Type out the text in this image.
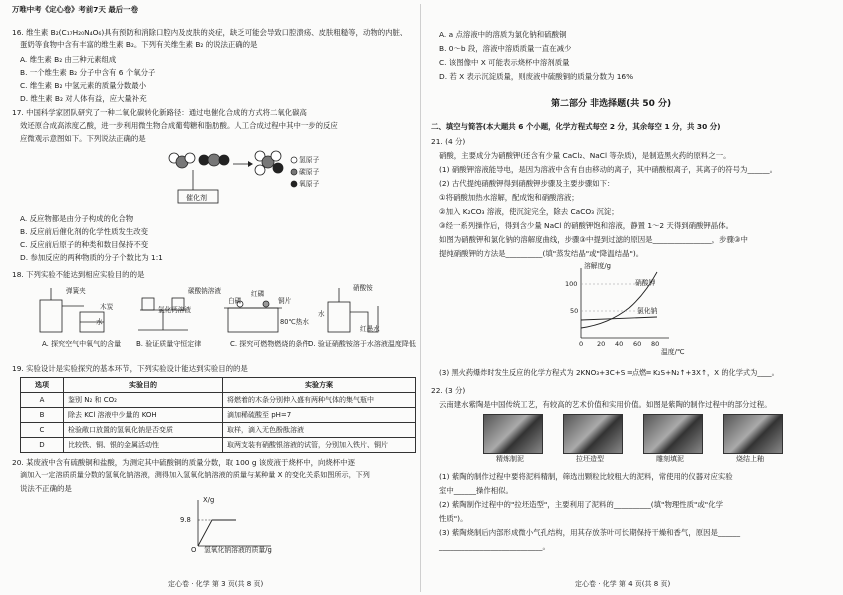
万唯中考《定心卷》考前7天 最后一卷
16. 维生素 B₂(C₁₇H₂₀N₄O₆)具有预防和消除口腔内及皮肤的炎症，缺乏可能会导致口腔溃疡、皮肤粗糙等，动物的内脏、
蛋奶等食物中含有丰富的维生素 B₂。下列有关维生素 B₂ 的说法正确的是
A. 维生素 B₂ 由三种元素组成
B. 一个维生素 B₂ 分子中含有 6 个氧分子
C. 维生素 B₂ 中氢元素的质量分数最小
D. 维生素 B₂ 对人体有益，应大量补充
17. 中国科学家团队研究了一种二氧化碳转化新路径：通过电催化合成的方式将二氧化碳高
效还原合成高浓度乙酸，进一步利用微生物合成葡萄糖和脂肪酸。人工合成过程中其中一步的反应
应微观示意图如下。下列说法正确的是
催化剂
氢原子
碳原子
氧原子
A. 反应物都是由分子构成的化合物
B. 反应前后催化剂的化学性质发生改变
C. 反应前后原子的种类和数目保持不变
D. 参加反应的两种物质的分子个数比为 1:1
18. 下列实验不能达到相应实验目的的是
弹簧夹
木炭
水
碳酸钠溶液
氯化钙溶液
白磷
红磷
铜片
80℃热水
硝酸铵
水
红墨水
A. 探究空气中氧气的含量 B. 验证质量守恒定律	C. 探究可燃物燃烧的条件
D. 验证硝酸铵溶于水溶液温度降低
19. 实验设计是实验探究的基本环节，下列实验设计能达到实验目的的是
选项	实验目的	实验方案
A	鉴别 N₂ 和 CO₂	将燃着的木条分别伸入盛有两种气体的集气瓶中
B	除去 KCl 溶液中少量的 KOH	滴加稀硫酸至 pH=7
C	检验敞口放置的氢氧化钠是否变质	取样，滴入无色酚酞溶液
D	比较铁、铜、银的金属活动性	取两支装有硝酸银溶液的试管，分别加入铁片、铜片
20. 某废液中含有硫酸铜和盐酸，为测定其中硫酸铜的质量分数，取 100 g 该废液于烧杯中，向烧杯中逐
滴加入一定溶质质量分数的氢氧化钠溶液，测得加入氢氧化钠溶液的质量与某种量 X 的变化关系如图所示，下列
说法不正确的是
X/g
9.8
O 氢氧化钠溶液的质量/g
定心卷 · 化学 第 3 页(共 8 页)
A. a 点溶液中的溶质为氯化钠和硫酸铜
B. 0～b 段，溶液中溶质质量一直在减少
C. 该图像中 X 可能表示烧杯中溶剂质量
D. 若 X 表示沉淀质量，则废液中硫酸铜的质量分数为 16%
第二部分 非选择题(共 50 分)
二、填空与简答(本大题共 6 个小题，化学方程式每空 2 分，其余每空 1 分，共 30 分)
21. (4 分)
硝酸，主要成分为硝酸钾(还含有少量 CaCl₂、NaCl 等杂质)，是制造黑火药的原料之一。
(1) 硝酸钾溶液能导电，是因为溶液中含有自由移动的离子，其中硝酸根离子，其离子的符号为______。
(2) 古代提纯硝酸钾得到硝酸钾步骤及主要步骤如下：
①将硝酸加热水溶解，配成饱和硝酸溶液；
②加入 K₂CO₃ 溶液，使沉淀完全，除去 CaCO₃ 沉淀；
③经一系列操作后，得到含少量 NaCl 的硝酸钾饱和溶液，静置 1～2 天得到硝酸钾晶体。
如图为硝酸钾和氯化钠的溶解度曲线，步骤③中提到过滤的原因是________________，步骤③中
提纯硝酸钾的方法是__________(填"蒸发结晶"或"降温结晶")。
溶解度/g
100
50
硝酸钾
氯化钠
0 20 40 60 80
温度/℃
(3) 黑火药爆炸时发生反应的化学方程式为 2KNO₃+3C+S ═点燃═ K₂S+N₂↑+3X↑，X 的化学式为____。
22. (3 分)
云南建水紫陶是中国传统工艺，有较高的艺术价值和实用价值。如图是紫陶的制作过程中的部分过程。
精炼制泥	拉坯造型	雕刻填泥	烧结上釉
(1) 紫陶的制作过程中要将泥料精制，筛选出颗粒比较粗大的泥料，常使用的仪器对应实验
室中______操作相似。
(2) 紫陶制作过程中的"拉坯造型"，主要利用了泥料的__________(填"物理性质"或"化学
性质")。
(3) 紫陶烧制后内部形成微小气孔结构，用其存放茶叶可长期保持干燥和香气，原因是______
____________________________。
定心卷 · 化学 第 4 页(共 8 页)
